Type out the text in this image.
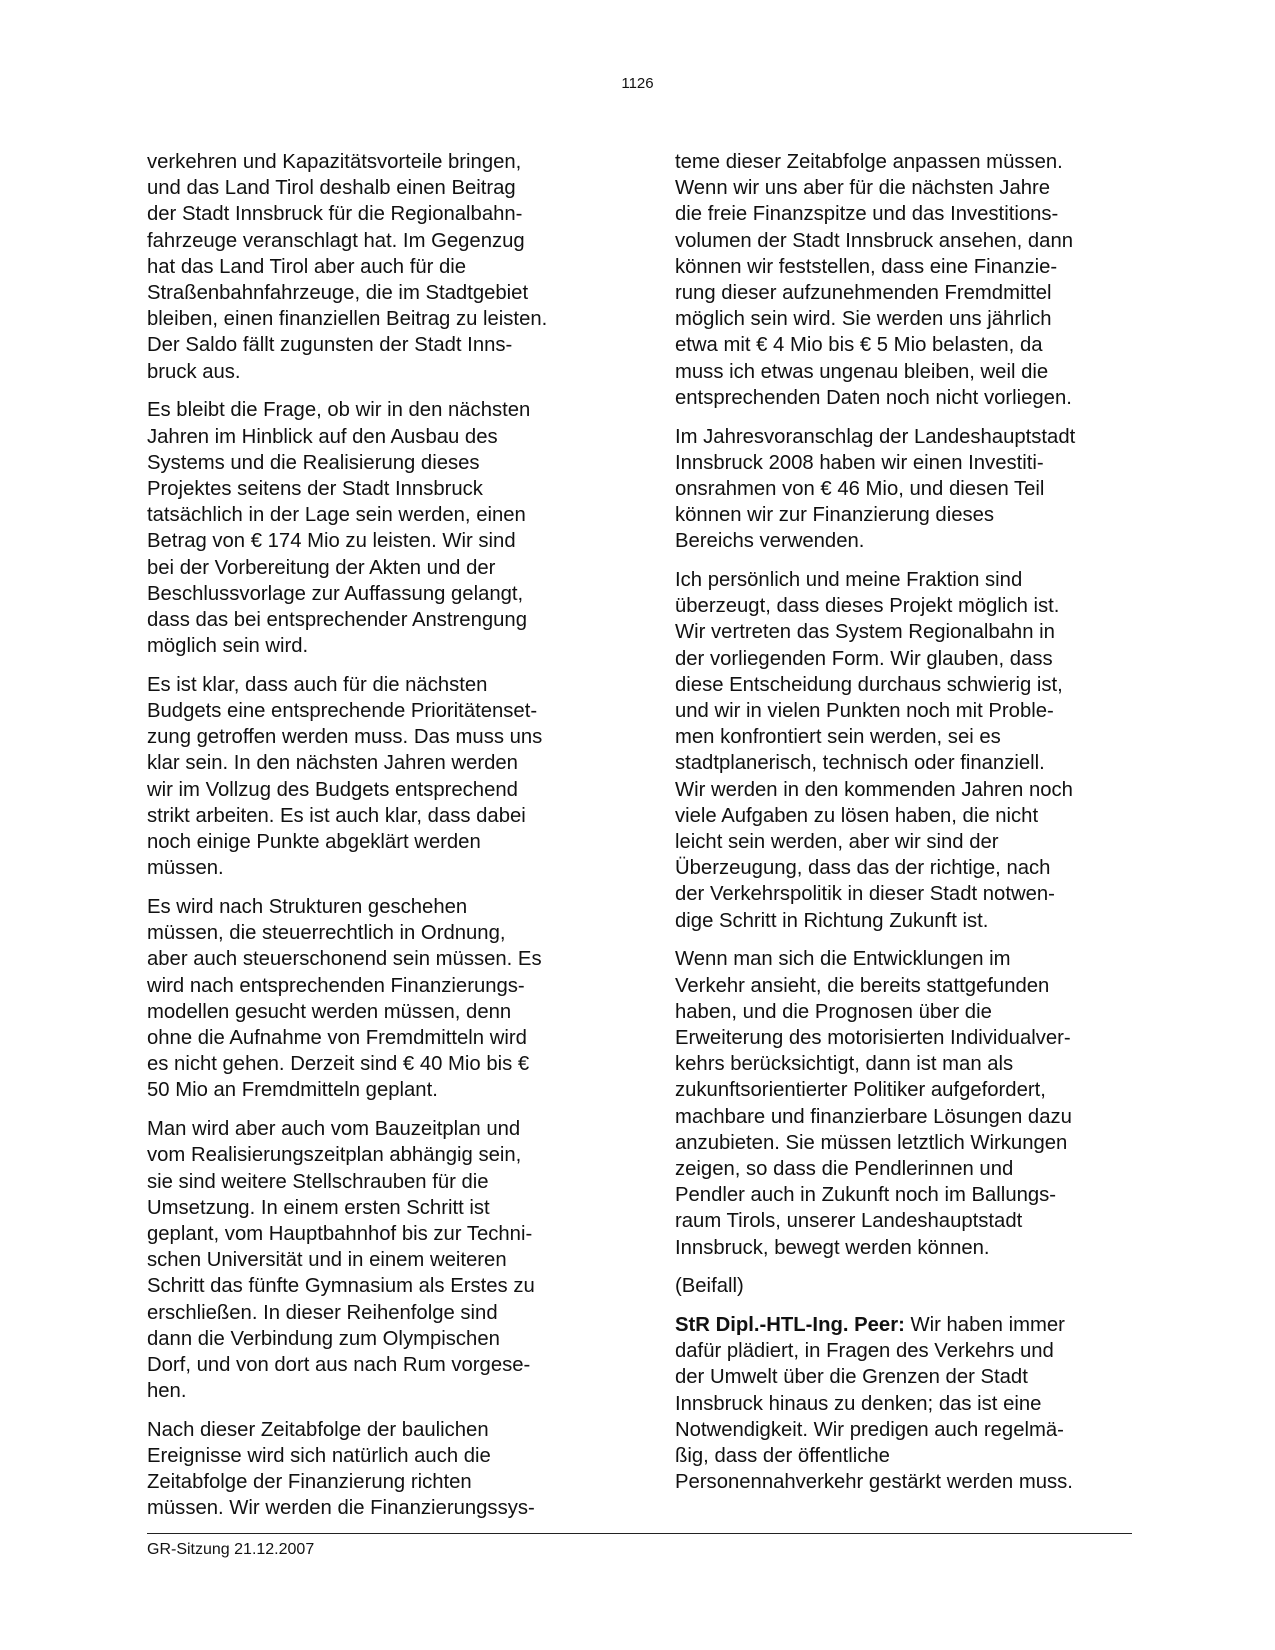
1126

verkehren und Kapazitätsvorteile bringen,
und das Land Tirol deshalb einen Beitrag
der Stadt Innsbruck für die Regionalbahn-
fahrzeuge veranschlagt hat. Im Gegenzug
hat das Land Tirol aber auch für die
Straßenbahnfahrzeuge, die im Stadtgebiet
bleiben, einen finanziellen Beitrag zu leisten.
Der Saldo fällt zugunsten der Stadt Inns-
bruck aus.

Es bleibt die Frage, ob wir in den nächsten
Jahren im Hinblick auf den Ausbau des
Systems und die Realisierung dieses
Projektes seitens der Stadt Innsbruck
tatsächlich in der Lage sein werden, einen
Betrag von € 174 Mio zu leisten. Wir sind
bei der Vorbereitung der Akten und der
Beschlussvorlage zur Auffassung gelangt,
dass das bei entsprechender Anstrengung
möglich sein wird.

Es ist klar, dass auch für die nächsten
Budgets eine entsprechende Prioritätenset-
zung getroffen werden muss. Das muss uns
klar sein. In den nächsten Jahren werden
wir im Vollzug des Budgets entsprechend
strikt arbeiten. Es ist auch klar, dass dabei
noch einige Punkte abgeklärt werden
müssen.

Es wird nach Strukturen geschehen
müssen, die steuerrechtlich in Ordnung,
aber auch steuerschonend sein müssen. Es
wird nach entsprechenden Finanzierungs-
modellen gesucht werden müssen, denn
ohne die Aufnahme von Fremdmitteln wird
es nicht gehen. Derzeit sind € 40 Mio bis €
50 Mio an Fremdmitteln geplant.

Man wird aber auch vom Bauzeitplan und
vom Realisierungszeitplan abhängig sein,
sie sind weitere Stellschrauben für die
Umsetzung. In einem ersten Schritt ist
geplant, vom Hauptbahnhof bis zur Techni-
schen Universität und in einem weiteren
Schritt das fünfte Gymnasium als Erstes zu
erschließen. In dieser Reihenfolge sind
dann die Verbindung zum Olympischen
Dorf, und von dort aus nach Rum vorgese-
hen.

Nach dieser Zeitabfolge der baulichen
Ereignisse wird sich natürlich auch die
Zeitabfolge der Finanzierung richten
müssen. Wir werden die Finanzierungssys-

teme dieser Zeitabfolge anpassen müssen.
Wenn wir uns aber für die nächsten Jahre
die freie Finanzspitze und das Investitions-
volumen der Stadt Innsbruck ansehen, dann
können wir feststellen, dass eine Finanzie-
rung dieser aufzunehmenden Fremdmittel
möglich sein wird. Sie werden uns jährlich
etwa mit € 4 Mio bis € 5 Mio belasten, da
muss ich etwas ungenau bleiben, weil die
entsprechenden Daten noch nicht vorliegen.

Im Jahresvoranschlag der Landeshauptstadt
Innsbruck 2008 haben wir einen Investiti-
onsrahmen von € 46 Mio, und diesen Teil
können wir zur Finanzierung dieses
Bereichs verwenden.

Ich persönlich und meine Fraktion sind
überzeugt, dass dieses Projekt möglich ist.
Wir vertreten das System Regionalbahn in
der vorliegenden Form. Wir glauben, dass
diese Entscheidung durchaus schwierig ist,
und wir in vielen Punkten noch mit Proble-
men konfrontiert sein werden, sei es
stadtplanerisch, technisch oder finanziell.
Wir werden in den kommenden Jahren noch
viele Aufgaben zu lösen haben, die nicht
leicht sein werden, aber wir sind der
Überzeugung, dass das der richtige, nach
der Verkehrspolitik in dieser Stadt notwen-
dige Schritt in Richtung Zukunft ist.

Wenn man sich die Entwicklungen im
Verkehr ansieht, die bereits stattgefunden
haben, und die Prognosen über die
Erweiterung des motorisierten Individualver-
kehrs berücksichtigt, dann ist man als
zukunftsorientierter Politiker aufgefordert,
machbare und finanzierbare Lösungen dazu
anzubieten. Sie müssen letztlich Wirkungen
zeigen, so dass die Pendlerinnen und
Pendler auch in Zukunft noch im Ballungs-
raum Tirols, unserer Landeshauptstadt
Innsbruck, bewegt werden können.

(Beifall)

StR Dipl.-HTL-Ing. Peer: Wir haben immer
dafür plädiert, in Fragen des Verkehrs und
der Umwelt über die Grenzen der Stadt
Innsbruck hinaus zu denken; das ist eine
Notwendigkeit. Wir predigen auch regelmä-
ßig, dass der öffentliche
Personennahverkehr gestärkt werden muss.

GR-Sitzung 21.12.2007
